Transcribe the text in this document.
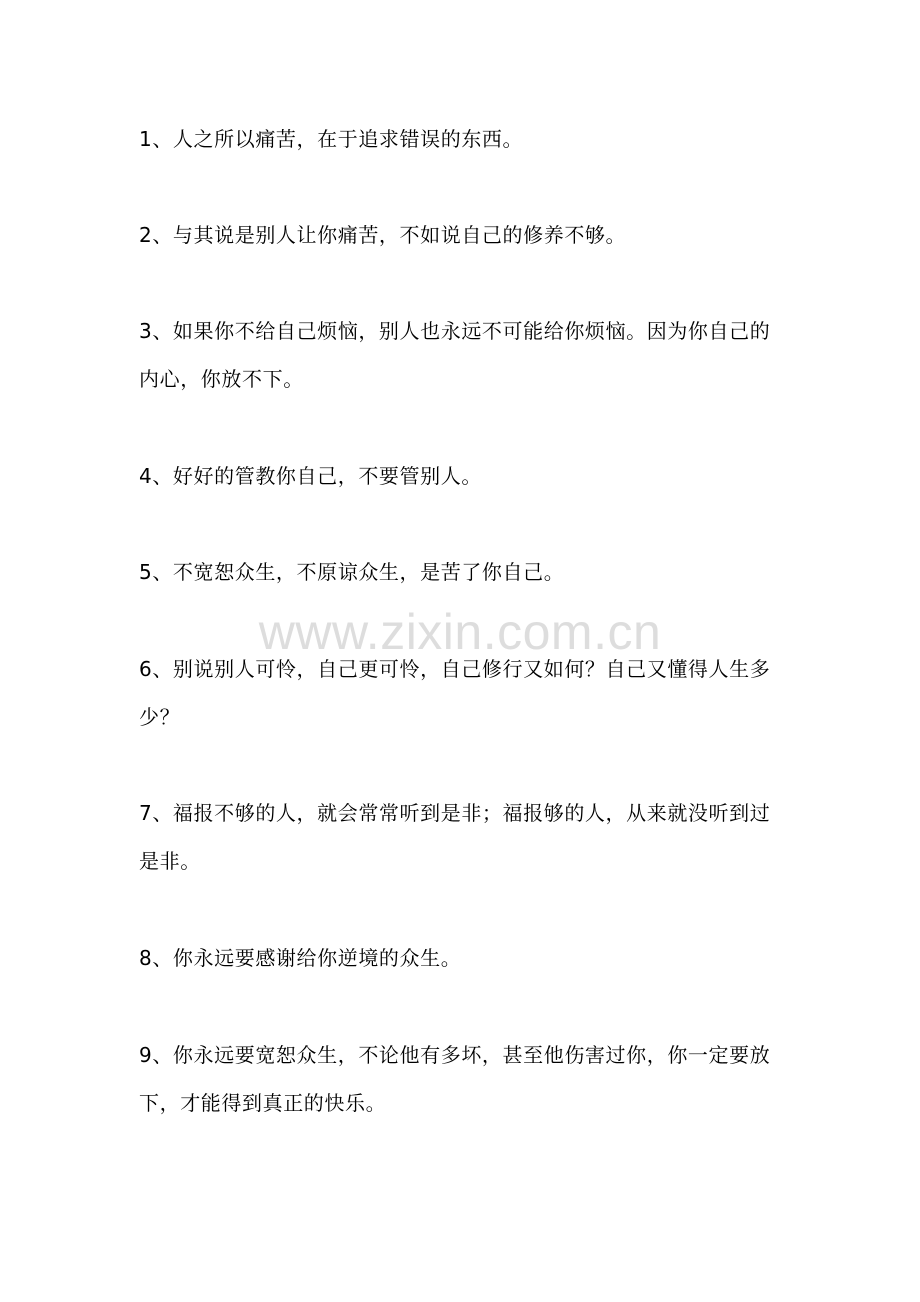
1、人之所以痛苦，在于追求错误的东西。

2、与其说是别人让你痛苦，不如说自己的修养不够。

3、如果你不给自己烦恼，别人也永远不可能给你烦恼。因为你自己的内心，你放不下。

4、好好的管教你自己，不要管别人。

5、不宽恕众生，不原谅众生，是苦了你自己。

6、别说别人可怜，自己更可怜，自己修行又如何？自己又懂得人生多少？

7、福报不够的人，就会常常听到是非；福报够的人，从来就没听到过是非。

8、你永远要感谢给你逆境的众生。

9、你永远要宽恕众生，不论他有多坏，甚至他伤害过你，你一定要放下，才能得到真正的快乐。

www.zixin.com.cn
